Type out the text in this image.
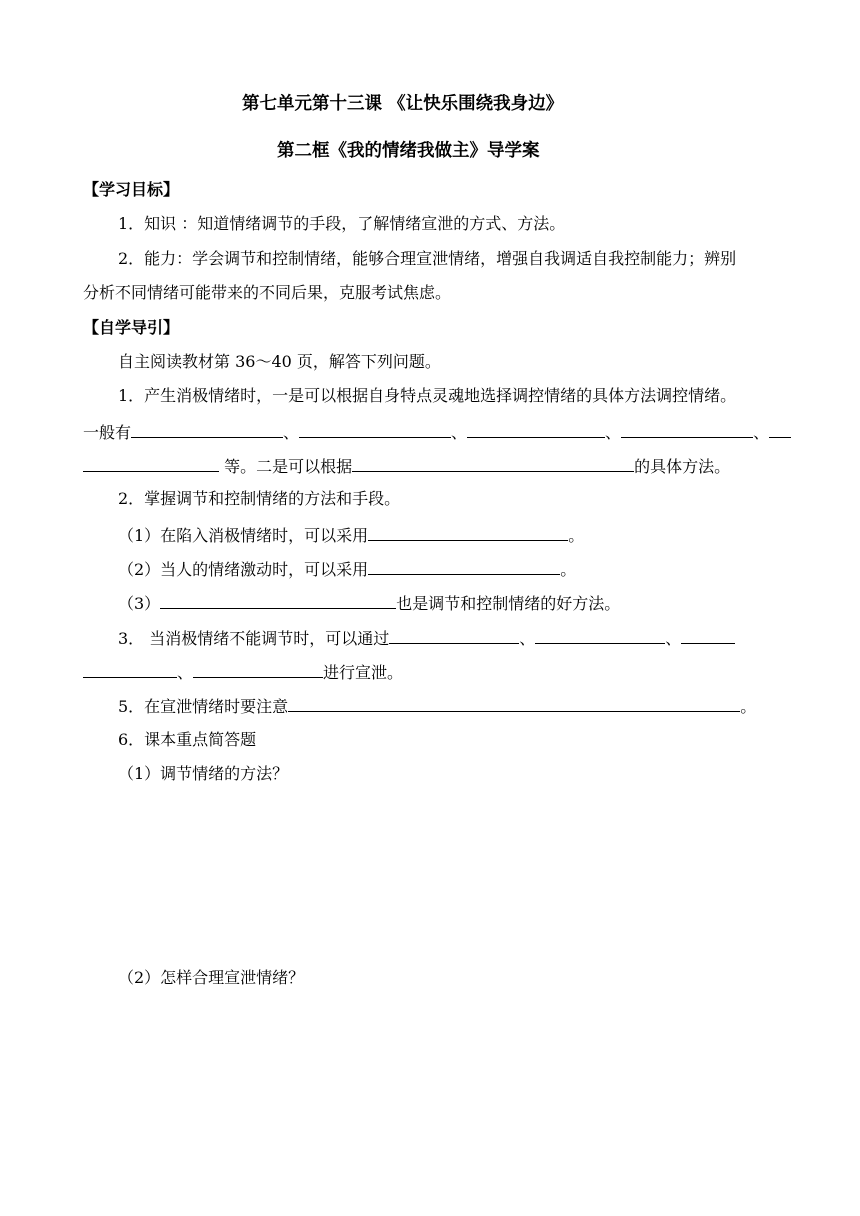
第七单元第十三课 《让快乐围绕我身边》
第二框《我的情绪我做主》导学案
【学习目标】
1．知识 ：知道情绪调节的手段，了解情绪宣泄的方式、方法。
2．能力：学会调节和控制情绪，能够合理宣泄情绪，增强自我调适自我控制能力；辨别
分析不同情绪可能带来的不同后果，克服考试焦虑。
【自学导引】
自主阅读教材第 36～40 页，解答下列问题。
1．产生消极情绪时，一是可以根据自身特点灵魂地选择调控情绪的具体方法调控情绪。
一般有	、	、	、	、
等。二是可以根据	的具体方法。
2．掌握调节和控制情绪的方法和手段。
（1）在陷入消极情绪时，可以采用	。
（2）当人的情绪激动时，可以采用	。
（3）	也是调节和控制情绪的好方法。
3． 当消极情绪不能调节时，可以通过	、	、
、	进行宣泄。
5．在宣泄情绪时要注意	。
6．课本重点简答题
（1）调节情绪的方法？
（2）怎样合理宣泄情绪？
